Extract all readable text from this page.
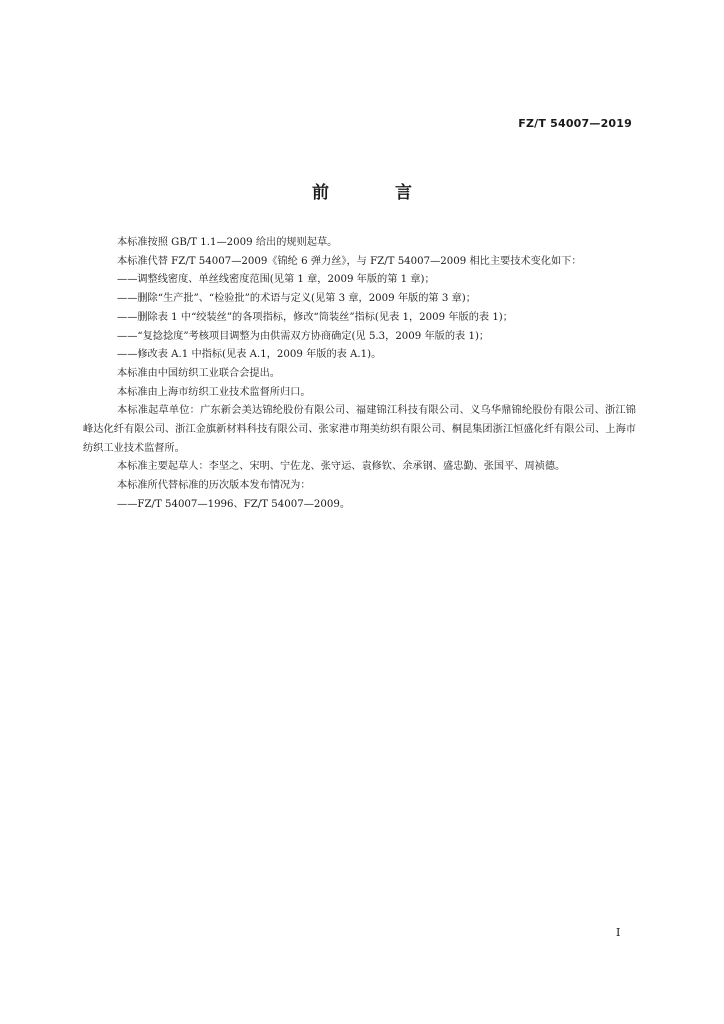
FZ/T 54007—2019
前 言

本标准按照 GB/T 1.1—2009 给出的规则起草。

本标准代替 FZ/T 54007—2009《锦纶 6 弹力丝》，与 FZ/T 54007—2009 相比主要技术变化如下：

——调整线密度、单丝线密度范围(见第 1 章，2009 年版的第 1 章)；

——删除“生产批”、“检验批”的术语与定义(见第 3 章，2009 年版的第 3 章)；

——删除表 1 中“绞装丝”的各项指标，修改“筒装丝”指标(见表 1，2009 年版的表 1)；

——“复捻捻度”考核项目调整为由供需双方协商确定(见 5.3，2009 年版的表 1)；

——修改表 A.1 中指标(见表 A.1，2009 年版的表 A.1)。

本标准由中国纺织工业联合会提出。

本标准由上海市纺织工业技术监督所归口。

本标准起草单位：广东新会美达锦纶股份有限公司、福建锦江科技有限公司、义乌华鼎锦纶股份有限公司、浙江锦峰达化纤有限公司、浙江金旗新材料科技有限公司、张家港市翔美纺织有限公司、桐昆集团浙江恒盛化纤有限公司、上海市纺织工业技术监督所。

本标准主要起草人：李坚之、宋明、宁佐龙、张守运、袁修钦、余承钢、盛忠勤、张国平、周祯德。

本标准所代替标准的历次版本发布情况为：

——FZ/T 54007—1996、FZ/T 54007—2009。

I
